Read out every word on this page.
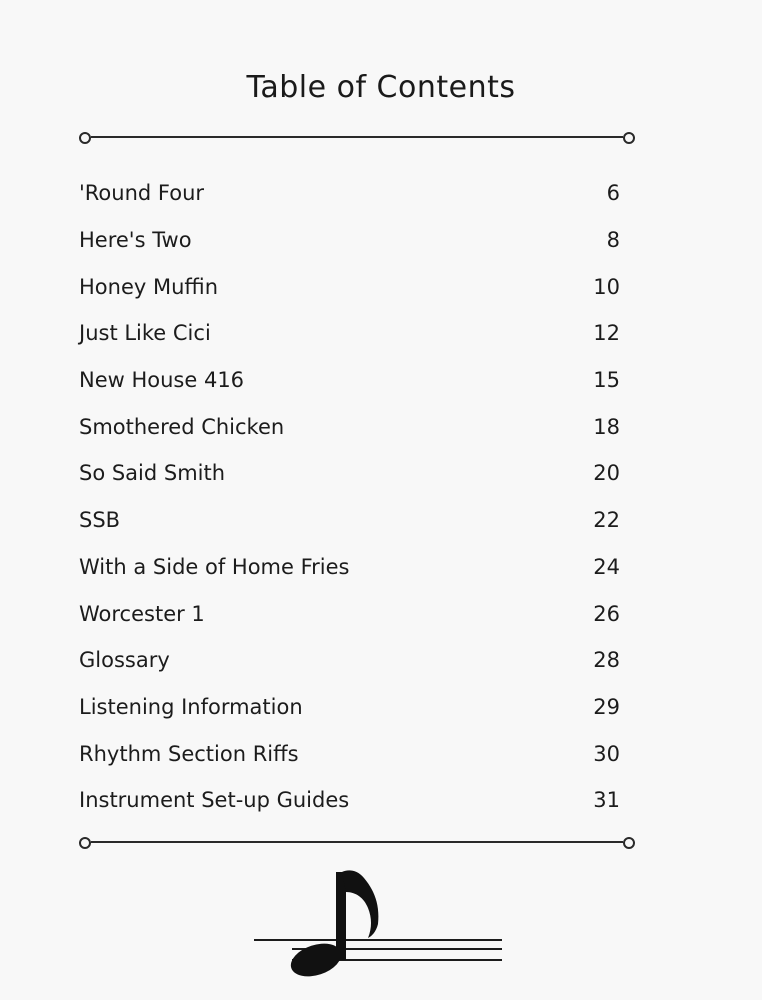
Table of Contents
'Round Four	6
Here's Two	8
Honey Muffin	10
Just Like Cici	12
New House 416	15
Smothered Chicken	18
So Said Smith	20
SSB	22
With a Side of Home Fries	24
Worcester 1	26
Glossary	28
Listening Information	29
Rhythm Section Riffs	30
Instrument Set-up Guides	31
